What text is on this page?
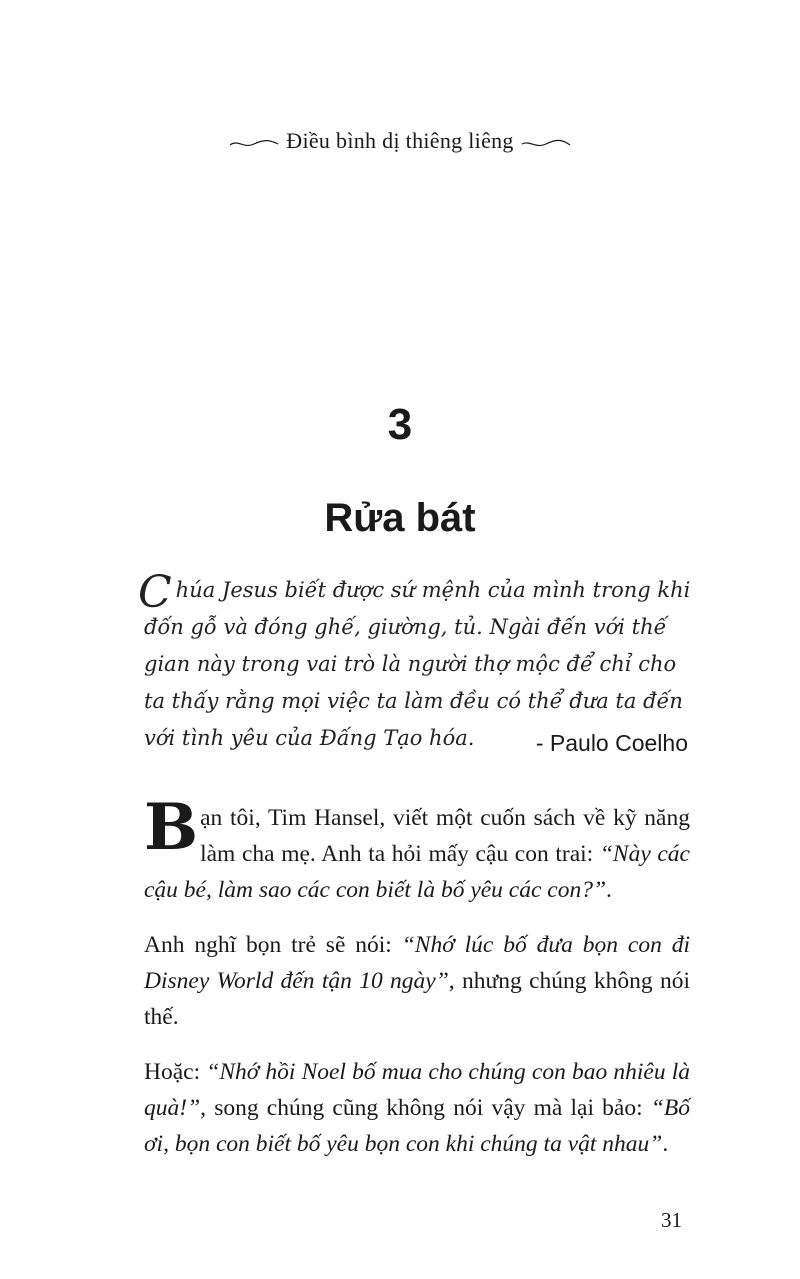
Điều bình dị thiêng liêng
3
Rửa bát
Chúa Jesus biết được sứ mệnh của mình trong khi đốn gỗ và đóng ghế, giường, tủ. Ngài đến với thế gian này trong vai trò là người thợ mộc để chỉ cho ta thấy rằng mọi việc ta làm đều có thể đưa ta đến với tình yêu của Đấng Tạo hóa.	- Paulo Coelho

Bạn tôi, Tim Hansel, viết một cuốn sách về kỹ năng làm cha mẹ. Anh ta hỏi mấy cậu con trai: “Này các cậu bé, làm sao các con biết là bố yêu các con?”.

Anh nghĩ bọn trẻ sẽ nói: “Nhớ lúc bố đưa bọn con đi Disney World đến tận 10 ngày”, nhưng chúng không nói thế.

Hoặc: “Nhớ hồi Noel bố mua cho chúng con bao nhiêu là quà!”, song chúng cũng không nói vậy mà lại bảo: “Bố ơi, bọn con biết bố yêu bọn con khi chúng ta vật nhau”.

31
